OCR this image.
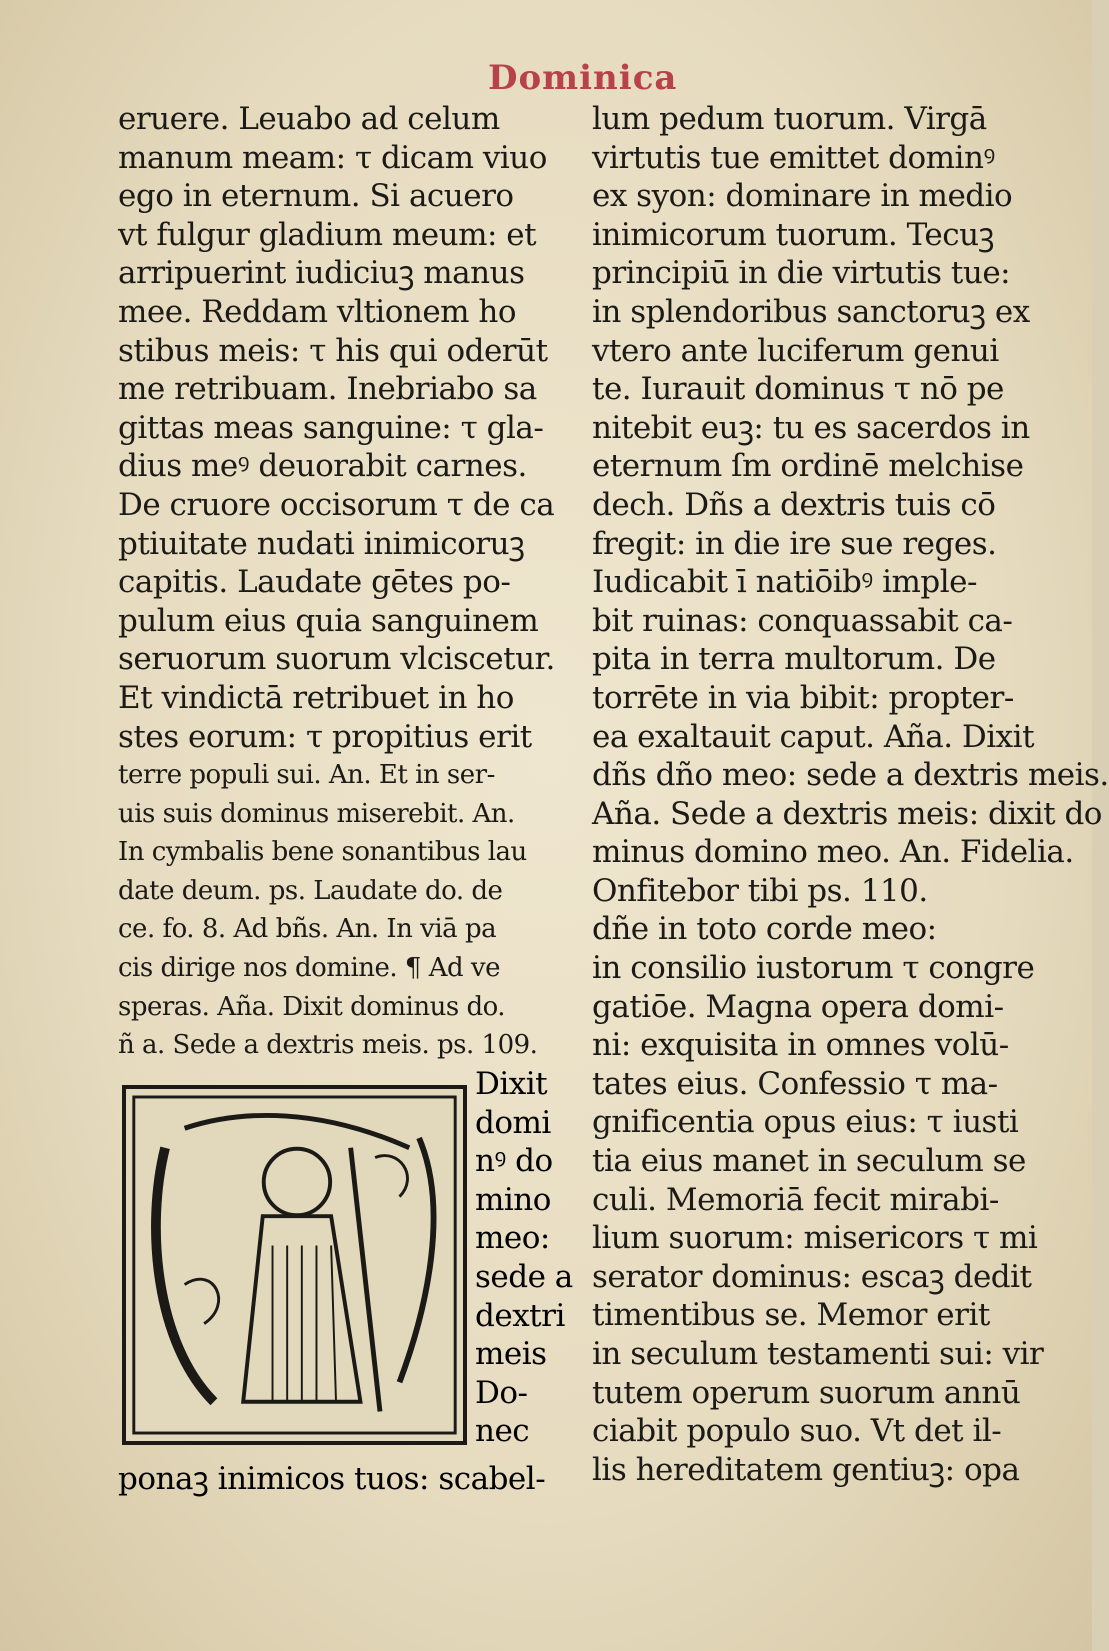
Dominica
eruere. Leuabo ad celum
manum meam: τ dicam viuo
ego in eternum. Si acuero
vt fulgur gladium meum: et
arripuerint iudiciuꝫ manus
mee. Reddam vltionem ho
stibus meis: τ his qui oderūt
me retribuam. Inebriabo sa
gittas meas sanguine: τ gla-
dius meꝰ deuorabit carnes.
De cruore occisorum τ de ca
ptiuitate nudati inimicoruꝫ
capitis. Laudate gētes po-
pulum eius quia sanguinem
seruorum suorum vlciscetur.
Et vindictā retribuet in ho
stes eorum: τ propitius erit
terre populi sui. An. Et in ser-
uis suis dominus miserebit. An.
In cymbalis bene sonantibus lau
date deum. ps. Laudate do. de
ce. fo. 8. Ad bñs. An. In viā pa
cis dirige nos domine. ¶ Ad ve
speras. Aña. Dixit dominus do.
ñ a. Sede a dextris meis. ps. 109.
lum pedum tuorum. Virgā
virtutis tue emittet dominꝰ
ex syon: dominare in medio
inimicorum tuorum. Tecuꝫ
principiū in die virtutis tue:
in splendoribus sanctoruꝫ ex
vtero ante luciferum genui
te. Iurauit dominus τ nō pe
nitebit euꝫ: tu es sacerdos in
eternum ſm ordinē melchise
dech. Dñs a dextris tuis cō
fregit: in die ire sue reges.
Iudicabit ī natiōibꝰ imple-
bit ruinas: conquassabit ca-
pita in terra multorum. De
torrēte in via bibit: propter-
ea exaltauit caput. Aña. Dixit
dñs dño meo: sede a dextris meis.
Aña. Sede a dextris meis: dixit do
minus domino meo. An. Fidelia.
Onfitebor tibi ps. 110.
dñe in toto corde meo:
in consilio iustorum τ congre
gatiōe. Magna opera domi-
ni: exquisita in omnes volū-
tates eius. Confessio τ ma-
gnificentia opus eius: τ iusti
tia eius manet in seculum se
culi. Memoriā fecit mirabi-
lium suorum: misericors τ mi
serator dominus: escaꝫ dedit
timentibus se. Memor erit
in seculum testamenti sui: vir
tutem operum suorum annū
ciabit populo suo. Vt det il-
lis hereditatem gentiuꝫ: opa
Dixit
domi
nꝰ do
mino
meo:
sede a
dextri
meis
Do-
nec
ponaꝫ inimicos tuos: scabel-
